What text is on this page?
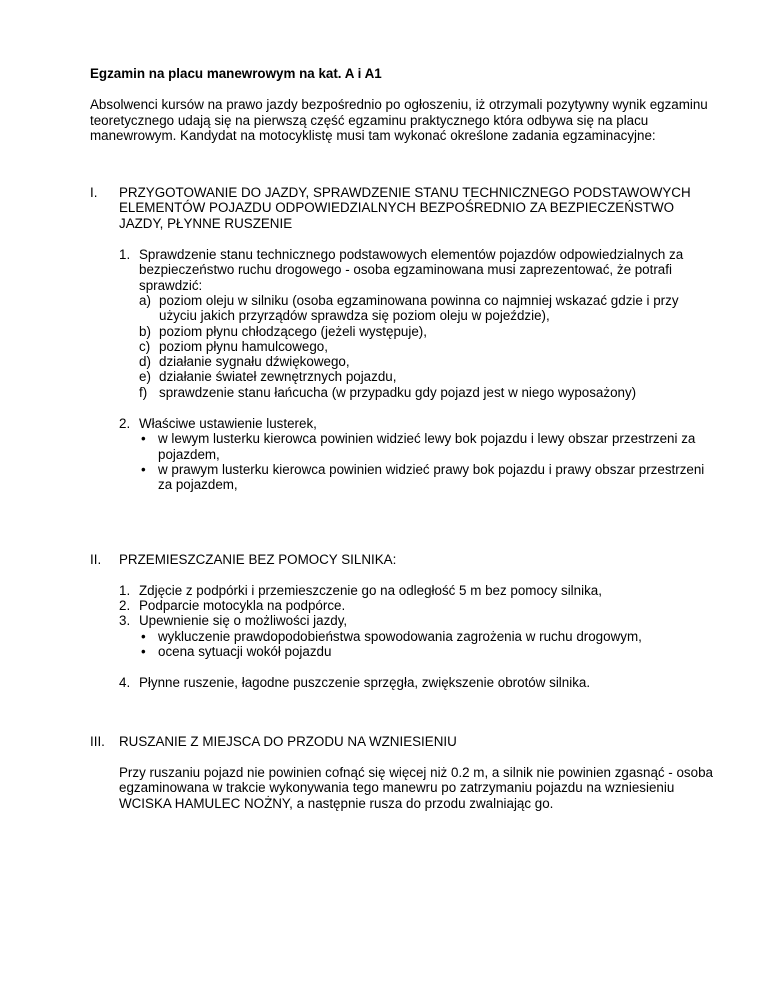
Egzamin na placu manewrowym na kat. A i A1
Absolwenci kursów na prawo jazdy bezpośrednio po ogłoszeniu, iż otrzymali pozytywny wynik egzaminu teoretycznego udają się na pierwszą część egzaminu praktycznego która odbywa się na placu manewrowym. Kandydat na motocyklistę musi tam wykonać określone zadania egzaminacyjne:
I.	PRZYGOTOWANIE DO JAZDY, SPRAWDZENIE STANU TECHNICZNEGO PODSTAWOWYCH ELEMENTÓW POJAZDU ODPOWIEDZIALNYCH BEZPOŚREDNIO ZA BEZPIECZEŃSTWO JAZDY, PŁYNNE RUSZENIE
1. Sprawdzenie stanu technicznego podstawowych elementów pojazdów odpowiedzialnych za bezpieczeństwo ruchu drogowego - osoba egzaminowana musi zaprezentować, że potrafi sprawdzić:
a) poziom oleju w silniku (osoba egzaminowana powinna co najmniej wskazać gdzie i przy użyciu jakich przyrządów sprawdza się poziom oleju w pojeździe),
b) poziom płynu chłodzącego (jeżeli występuje),
c) poziom płynu hamulcowego,
d) działanie sygnału dźwiękowego,
e) działanie świateł zewnętrznych pojazdu,
f) sprawdzenie stanu łańcucha (w przypadku gdy pojazd jest w niego wyposażony)
2. Właściwe ustawienie lusterek,
• w lewym lusterku kierowca powinien widzieć lewy bok pojazdu i lewy obszar przestrzeni za pojazdem,
• w prawym lusterku kierowca powinien widzieć prawy bok pojazdu i prawy obszar przestrzeni za pojazdem,
II.	PRZEMIESZCZANIE BEZ POMOCY SILNIKA:
1. Zdjęcie z podpórki i przemieszczenie go na odległość 5 m bez pomocy silnika,
2. Podparcie motocykla na podpórce.
3. Upewnienie się o możliwości jazdy,
• wykluczenie prawdopodobieństwa spowodowania zagrożenia w ruchu drogowym,
• ocena sytuacji wokół pojazdu
4. Płynne ruszenie, łagodne puszczenie sprzęgła, zwiększenie obrotów silnika.
III.	RUSZANIE Z MIEJSCA DO PRZODU NA WZNIESIENIU
Przy ruszaniu pojazd nie powinien cofnąć się więcej niż 0.2 m, a silnik nie powinien zgasnąć - osoba egzaminowana w trakcie wykonywania tego manewru po zatrzymaniu pojazdu na wzniesieniu WCISKA HAMULEC NOŻNY, a następnie rusza do przodu zwalniając go.
